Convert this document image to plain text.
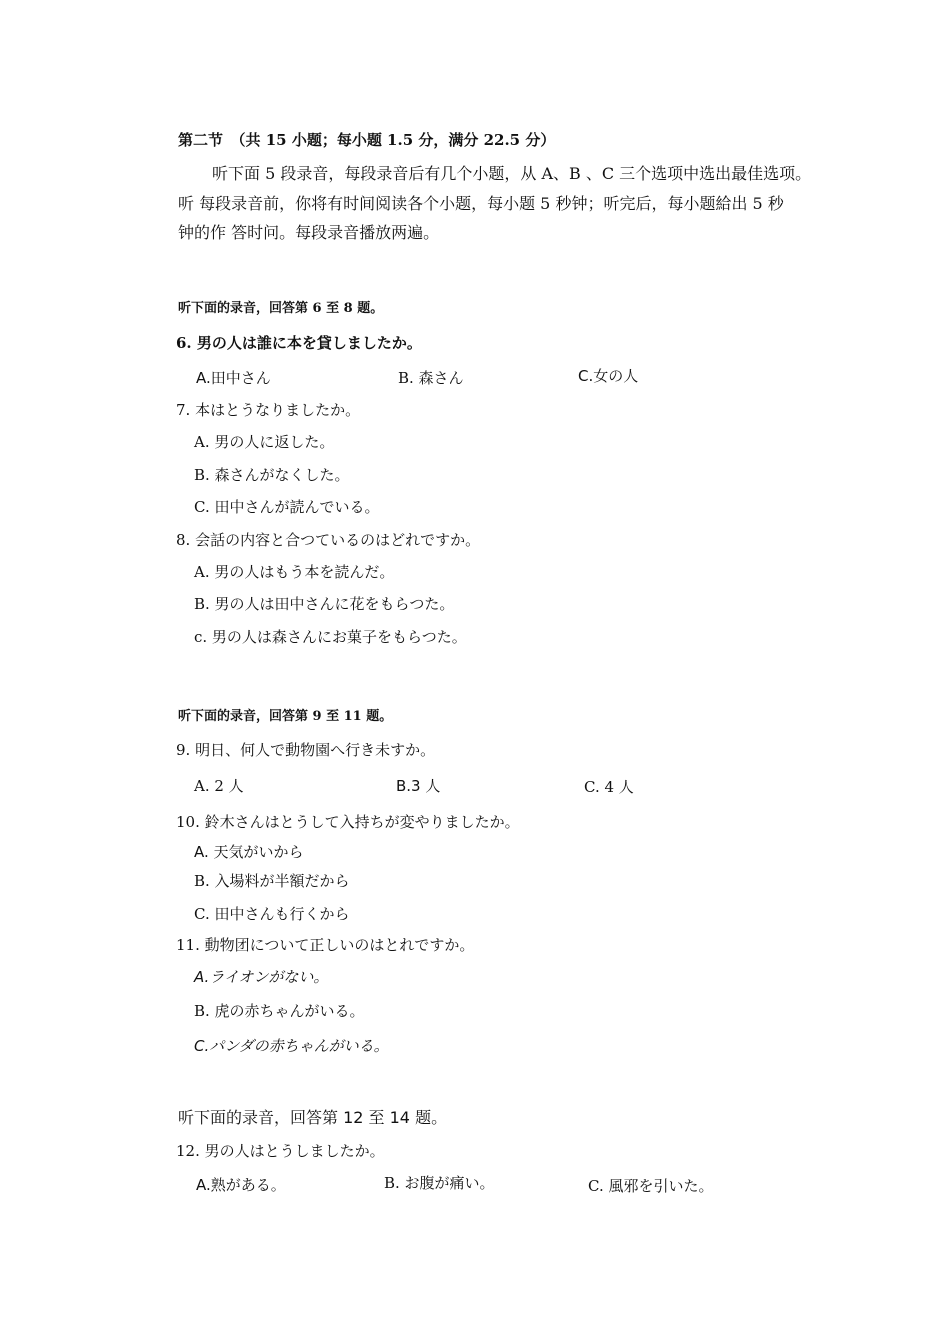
第二节　（共 15 小题；每小题 1.5 分，满分 22.5 分）
听下面 5 段录音，每段录音后有几个小题，从 A、B 、C 三个选项中选出最佳选项。
听 每段录音前，你将有时间阅读各个小题，每小题 5 秒钟；听完后，每小题給出 5 秒
钟的作 答时问。每段录音播放两遍。
听下面的录音，回答第 6 至 8 题。
6. 男の人は誰に本を貸しましたか。
A.田中さん	B. 森さん	C.女の人
7. 本はとうなりましたか。
A. 男の人に返した。
B. 森さんがなくした。
C. 田中さんが読んでいる。
8. 会話の内容と合つているのはどれですか。
A. 男の人はもう本を読んだ。
B. 男の人は田中さんに花をもらつた。
c. 男の人は森さんにお菓子をもらつた。
听下面的录音，回答第 9 至 11 题。
9. 明日、何人で動物園へ行き未すか。
A. 2 人	B.3 人	C. 4 人
10. 鈴木さんはとうして入持ちが変やりましたか。
A. 天気がいから
B. 入場料が半額だから
C. 田中さんも行くから
11. 動物团について正しいのはとれですか。
A.ライオンがない。
B. 虎の赤ちゃんがいる。
C.パンダの赤ちゃんがいる。
听下面的录音，回答第 12 至 14 题。
12. 男の人はとうしましたか。
A.熟がある。	B. お腹が痛い。	C. 風邪を引いた。
